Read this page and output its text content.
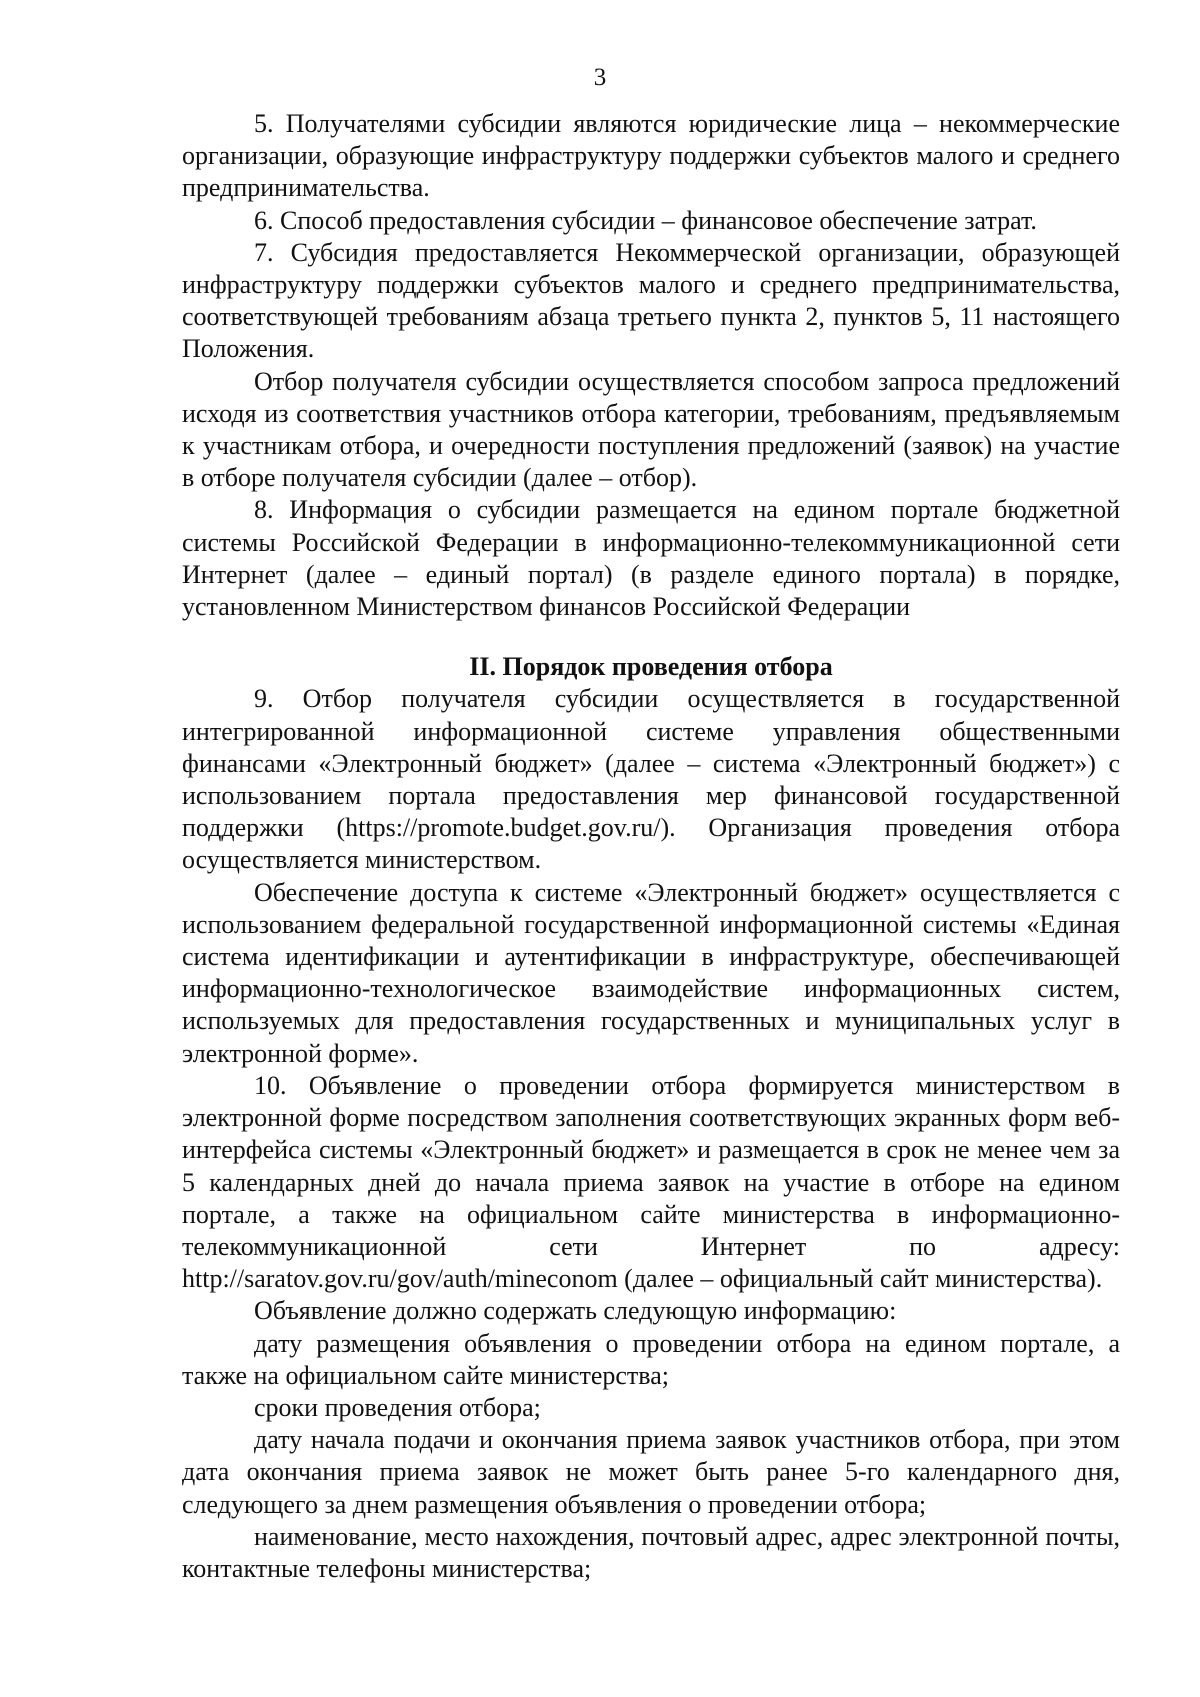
3

5. Получателями субсидии являются юридические лица – некоммерческие организации, образующие инфраструктуру поддержки субъектов малого и среднего предпринимательства.

6. Способ предоставления субсидии – финансовое обеспечение затрат.

7. Субсидия предоставляется Некоммерческой организации, образующей инфраструктуру поддержки субъектов малого и среднего предпринимательства, соответствующей требованиям абзаца третьего пункта 2, пунктов 5, 11 настоящего Положения.

Отбор получателя субсидии осуществляется способом запроса предложений исходя из соответствия участников отбора категории, требованиям, предъявляемым к участникам отбора, и очередности поступления предложений (заявок) на участие в отборе получателя субсидии (далее – отбор).

8. Информация о субсидии размещается на едином портале бюджетной системы Российской Федерации в информационно-телекоммуникационной сети Интернет (далее – единый портал) (в разделе единого портала) в порядке, установленном Министерством финансов Российской Федерации

II. Порядок проведения отбора

9. Отбор получателя субсидии осуществляется в государственной интегрированной информационной системе управления общественными финансами «Электронный бюджет» (далее – система «Электронный бюджет») с использованием портала предоставления мер финансовой государственной поддержки (https://promote.budget.gov.ru/). Организация проведения отбора осуществляется министерством.

Обеспечение доступа к системе «Электронный бюджет» осуществляется с использованием федеральной государственной информационной системы «Единая система идентификации и аутентификации в инфраструктуре, обеспечивающей информационно-технологическое взаимодействие информационных систем, используемых для предоставления государственных и муниципальных услуг в электронной форме».

10. Объявление о проведении отбора формируется министерством в электронной форме посредством заполнения соответствующих экранных форм веб-интерфейса системы «Электронный бюджет» и размещается в срок не менее чем за 5 календарных дней до начала приема заявок на участие в отборе на едином портале, а также на официальном сайте министерства в информационно-телекоммуникационной сети Интернет по адресу: http://saratov.gov.ru/gov/auth/mineconom (далее – официальный сайт министерства).

Объявление должно содержать следующую информацию:

дату размещения объявления о проведении отбора на едином портале, а также на официальном сайте министерства;

сроки проведения отбора;

дату начала подачи и окончания приема заявок участников отбора, при этом дата окончания приема заявок не может быть ранее 5-го календарного дня, следующего за днем размещения объявления о проведении отбора;

наименование, место нахождения, почтовый адрес, адрес электронной почты, контактные телефоны министерства;
